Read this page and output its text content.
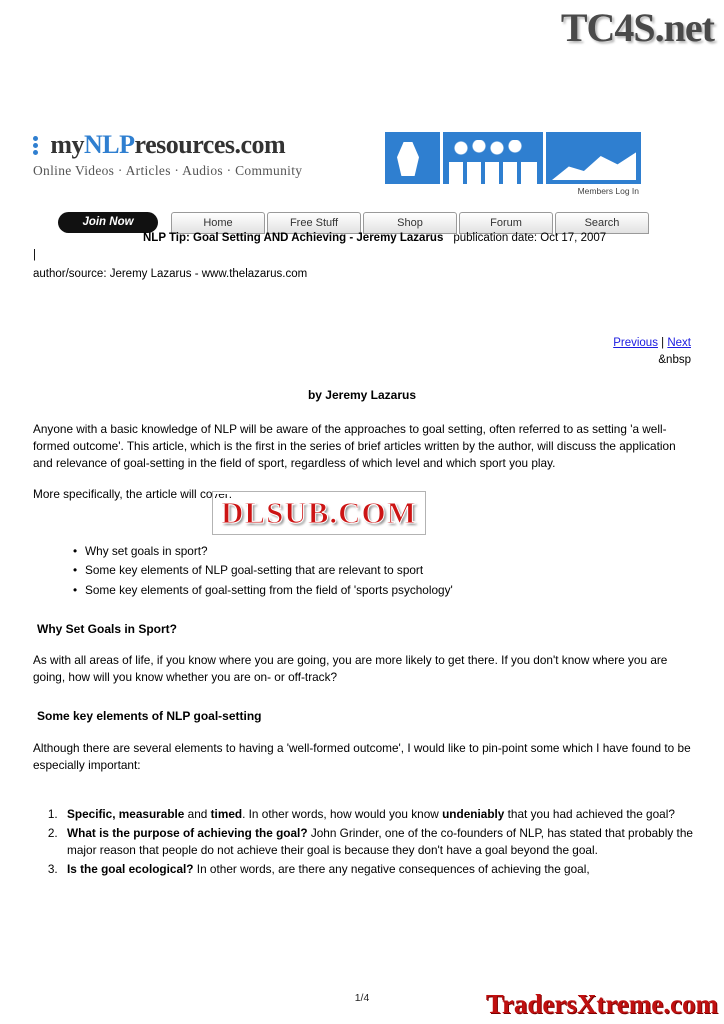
TC4S.net
myNLPresources.com
Online Videos · Articles · Audios · Community
Members Log In
Join Now	Home	Free Stuff	Shop	Forum	Search
NLP Tip: Goal Setting AND Achieving - Jeremy Lazarus publication date: Oct 17, 2007
|
author/source: Jeremy Lazarus - www.thelazarus.com
Previous | Next
&nbsp
by Jeremy Lazarus

Anyone with a basic knowledge of NLP will be aware of the approaches to goal setting, often referred to as setting 'a well-formed outcome'. This article, which is the first in the series of brief articles written by the author, will discuss the application and relevance of goal-setting in the field of sport, regardless of which level and which sport you play.

More specifically, the article will cover:

• Why set goals in sport?
• Some key elements of NLP goal-setting that are relevant to sport
• Some key elements of goal-setting from the field of 'sports psychology'
Why Set Goals in Sport?

As with all areas of life, if you know where you are going, you are more likely to get there. If you don't know where you are going, how will you know whether you are on- or off-track?

Some key elements of NLP goal-setting

Although there are several elements to having a 'well-formed outcome', I would like to pin-point some which I have found to be especially important:

1. Specific, measurable and timed. In other words, how would you know undeniably that you had achieved the goal?
2. What is the purpose of achieving the goal? John Grinder, one of the co-founders of NLP, has stated that probably the major reason that people do not achieve their goal is because they don't have a goal beyond the goal.
3. Is the goal ecological? In other words, are there any negative consequences of achieving the goal,
DLSUB.COM
1/4	TradersXtreme.com
